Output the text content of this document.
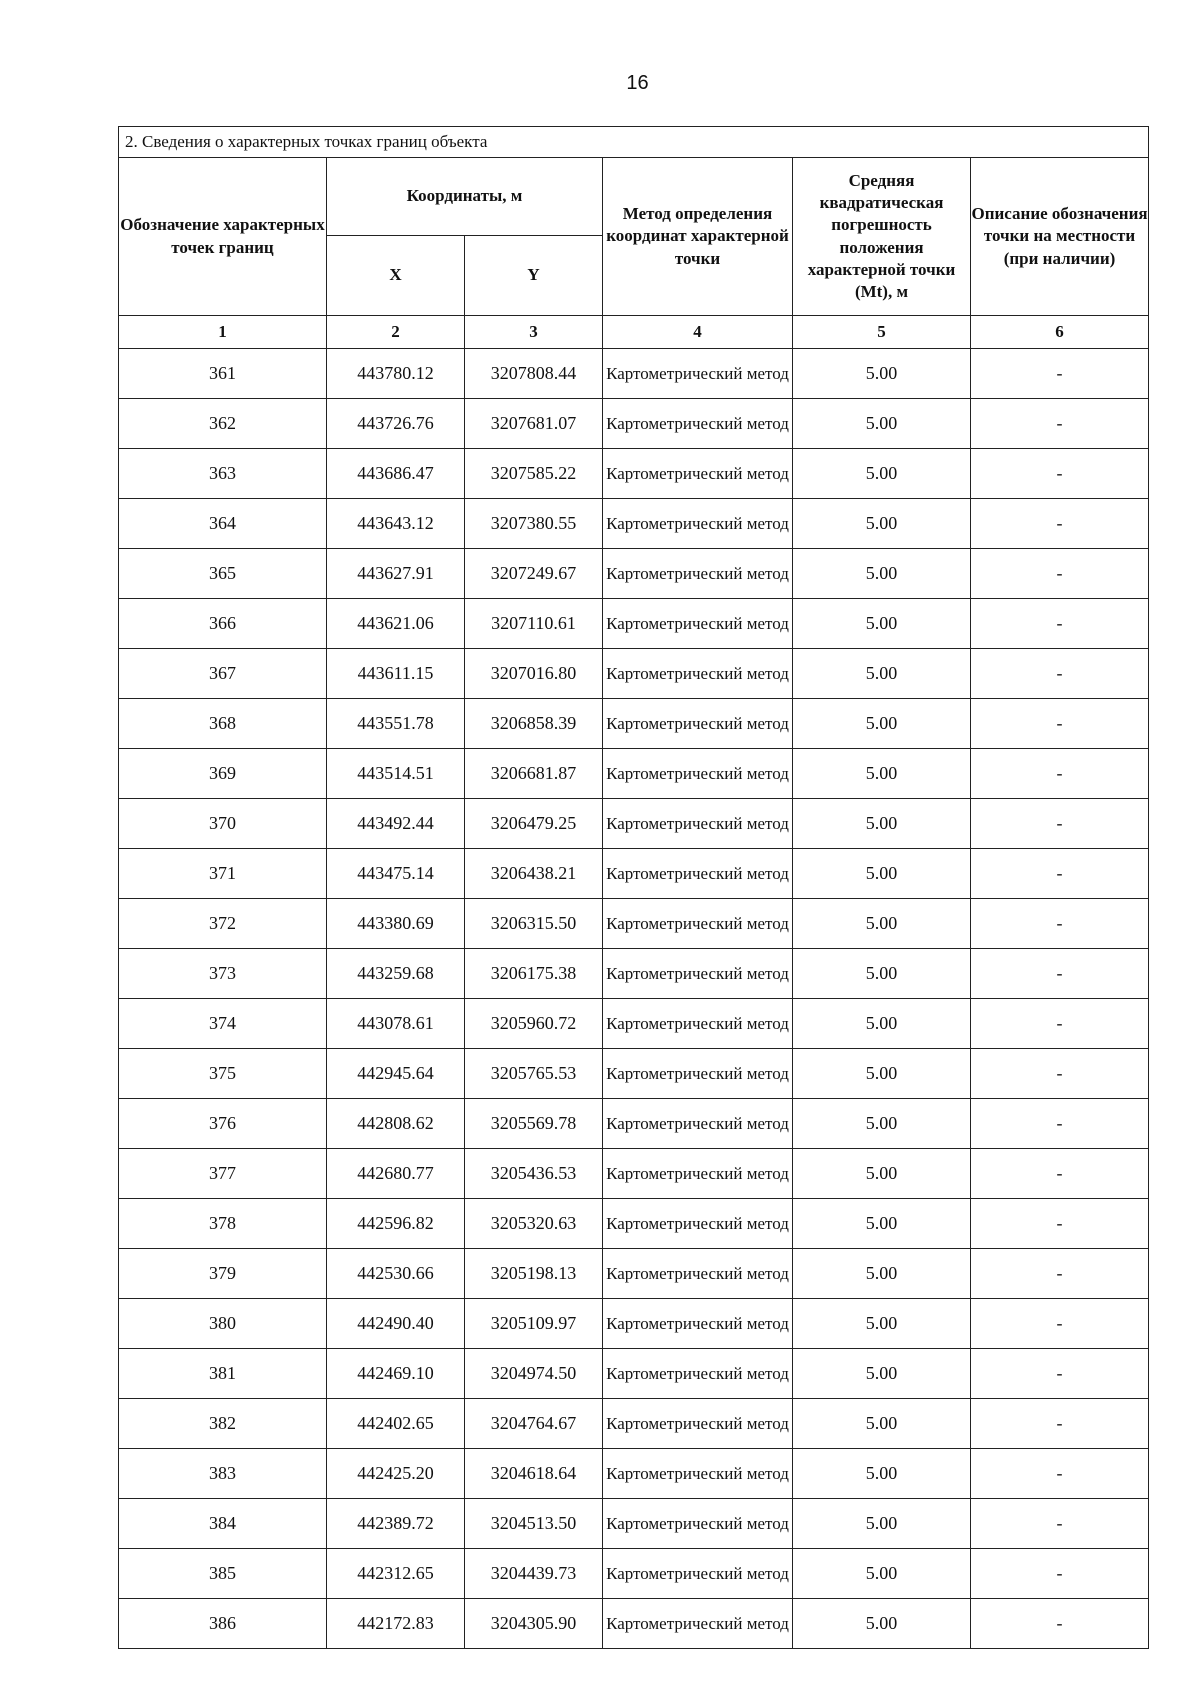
16
2. Сведения о характерных точках границ объекта					
Обозначение характерных точек границ	Координаты, м		Метод определения координат характерной точки	Средняя квадратическая погрешность положения характерной точки (Mt), м	Описание обозначения точки на местности (при наличии)
	X	Y			
1	2	3	4	5	6
361	443780.12	3207808.44	Картометрический метод	5.00	-
362	443726.76	3207681.07	Картометрический метод	5.00	-
363	443686.47	3207585.22	Картометрический метод	5.00	-
364	443643.12	3207380.55	Картометрический метод	5.00	-
365	443627.91	3207249.67	Картометрический метод	5.00	-
366	443621.06	3207110.61	Картометрический метод	5.00	-
367	443611.15	3207016.80	Картометрический метод	5.00	-
368	443551.78	3206858.39	Картометрический метод	5.00	-
369	443514.51	3206681.87	Картометрический метод	5.00	-
370	443492.44	3206479.25	Картометрический метод	5.00	-
371	443475.14	3206438.21	Картометрический метод	5.00	-
372	443380.69	3206315.50	Картометрический метод	5.00	-
373	443259.68	3206175.38	Картометрический метод	5.00	-
374	443078.61	3205960.72	Картометрический метод	5.00	-
375	442945.64	3205765.53	Картометрический метод	5.00	-
376	442808.62	3205569.78	Картометрический метод	5.00	-
377	442680.77	3205436.53	Картометрический метод	5.00	-
378	442596.82	3205320.63	Картометрический метод	5.00	-
379	442530.66	3205198.13	Картометрический метод	5.00	-
380	442490.40	3205109.97	Картометрический метод	5.00	-
381	442469.10	3204974.50	Картометрический метод	5.00	-
382	442402.65	3204764.67	Картометрический метод	5.00	-
383	442425.20	3204618.64	Картометрический метод	5.00	-
384	442389.72	3204513.50	Картометрический метод	5.00	-
385	442312.65	3204439.73	Картометрический метод	5.00	-
386	442172.83	3204305.90	Картометрический метод	5.00	-
